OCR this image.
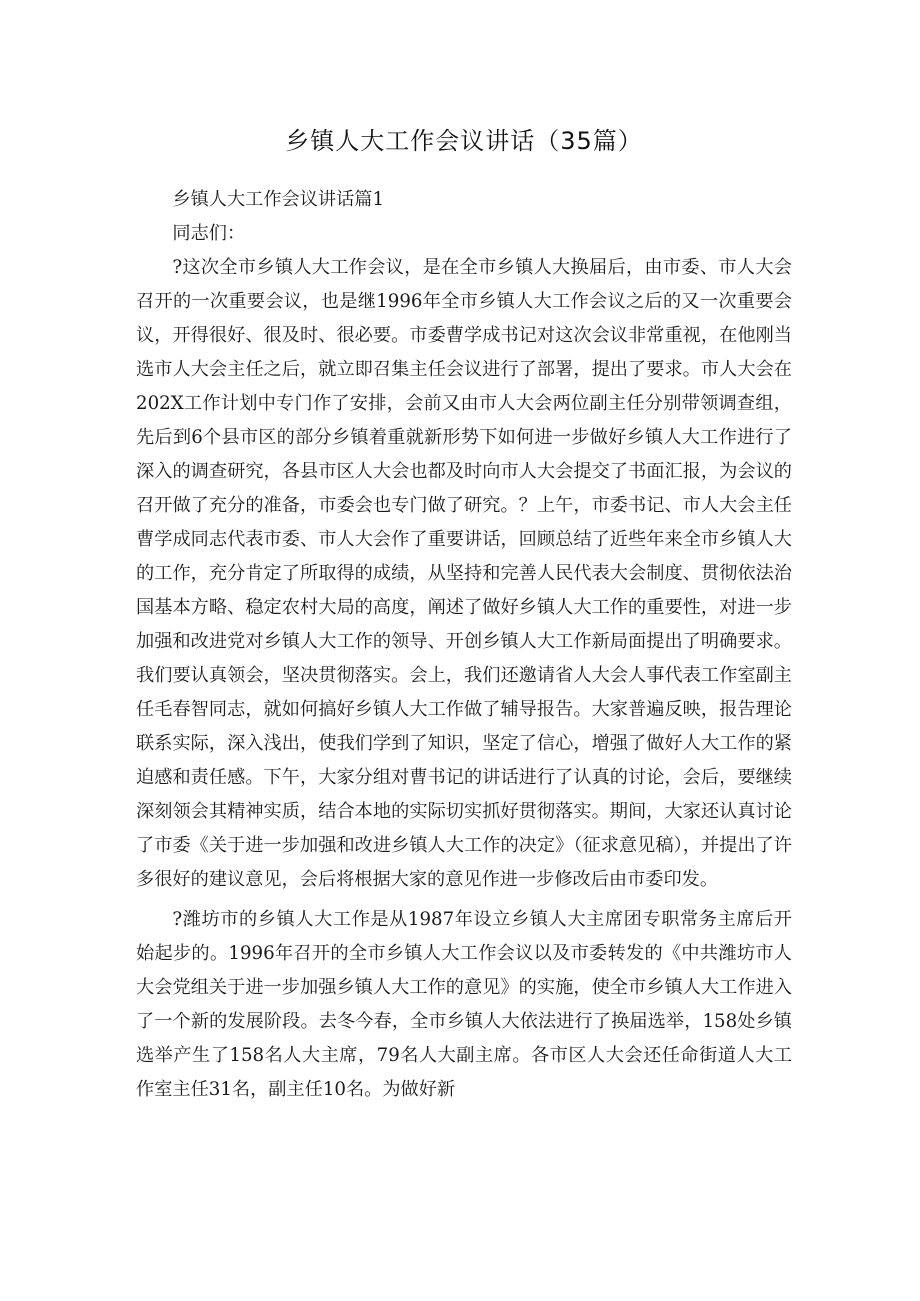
乡镇人大工作会议讲话（35篇）

乡镇人大工作会议讲话篇1

同志们：

?这次全市乡镇人大工作会议，是在全市乡镇人大换届后，由市委、市人大会召开的一次重要会议，也是继1996年全市乡镇人大工作会议之后的又一次重要会议，开得很好、很及时、很必要。市委曹学成书记对这次会议非常重视，在他刚当选市人大会主任之后，就立即召集主任会议进行了部署，提出了要求。市人大会在202X工作计划中专门作了安排，会前又由市人大会两位副主任分别带领调查组，先后到6个县市区的部分乡镇着重就新形势下如何进一步做好乡镇人大工作进行了深入的调查研究，各县市区人大会也都及时向市人大会提交了书面汇报，为会议的召开做了充分的准备，市委会也专门做了研究。？上午，市委书记、市人大会主任曹学成同志代表市委、市人大会作了重要讲话，回顾总结了近些年来全市乡镇人大的工作，充分肯定了所取得的成绩，从坚持和完善人民代表大会制度、贯彻依法治国基本方略、稳定农村大局的高度，阐述了做好乡镇人大工作的重要性，对进一步加强和改进党对乡镇人大工作的领导、开创乡镇人大工作新局面提出了明确要求。我们要认真领会，坚决贯彻落实。会上，我们还邀请省人大会人事代表工作室副主任毛春智同志，就如何搞好乡镇人大工作做了辅导报告。大家普遍反映，报告理论联系实际，深入浅出，使我们学到了知识，坚定了信心，增强了做好人大工作的紧迫感和责任感。下午，大家分组对曹书记的讲话进行了认真的讨论，会后，要继续深刻领会其精神实质，结合本地的实际切实抓好贯彻落实。期间，大家还认真讨论了市委《关于进一步加强和改进乡镇人大工作的决定》（征求意见稿），并提出了许多很好的建议意见，会后将根据大家的意见作进一步修改后由市委印发。

?潍坊市的乡镇人大工作是从1987年设立乡镇人大主席团专职常务主席后开始起步的。1996年召开的全市乡镇人大工作会议以及市委转发的《中共潍坊市人大会党组关于进一步加强乡镇人大工作的意见》的实施，使全市乡镇人大工作进入了一个新的发展阶段。去冬今春，全市乡镇人大依法进行了换届选举，158处乡镇选举产生了158名人大主席，79名人大副主席。各市区人大会还任命街道人大工作室主任31名，副主任10名。为做好新
